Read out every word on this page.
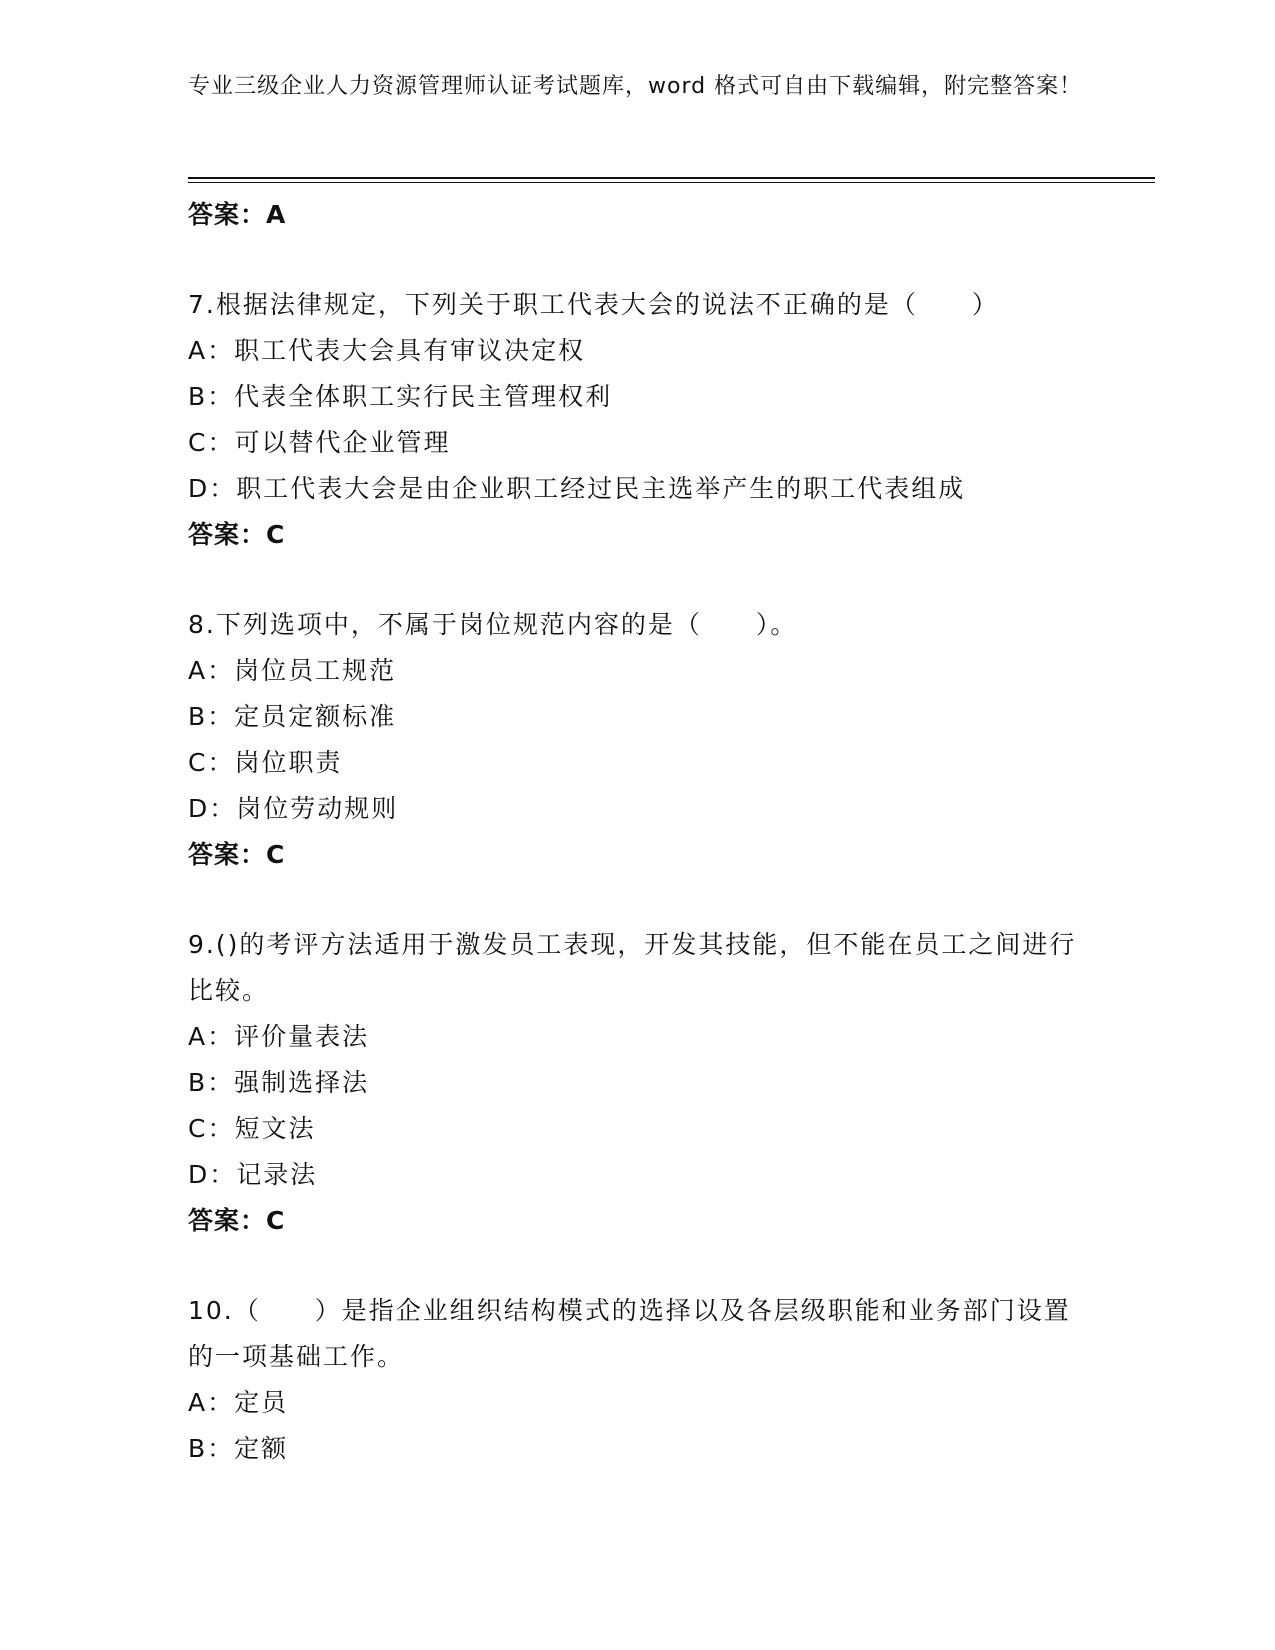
专业三级企业人力资源管理师认证考试题库，word 格式可自由下载编辑，附完整答案！
答案：A
7.根据法律规定，下列关于职工代表大会的说法不正确的是（　　）
A：职工代表大会具有审议决定权
B：代表全体职工实行民主管理权利
C：可以替代企业管理
D：职工代表大会是由企业职工经过民主选举产生的职工代表组成
答案：C
8.下列选项中，不属于岗位规范内容的是（　　）。
A：岗位员工规范
B：定员定额标准
C：岗位职责
D：岗位劳动规则
答案：C
9.()的考评方法适用于激发员工表现，开发其技能，但不能在员工之间进行比较。
A：评价量表法
B：强制选择法
C：短文法
D：记录法
答案：C
10.（　　）是指企业组织结构模式的选择以及各层级职能和业务部门设置的一项基础工作。
A：定员
B：定额
